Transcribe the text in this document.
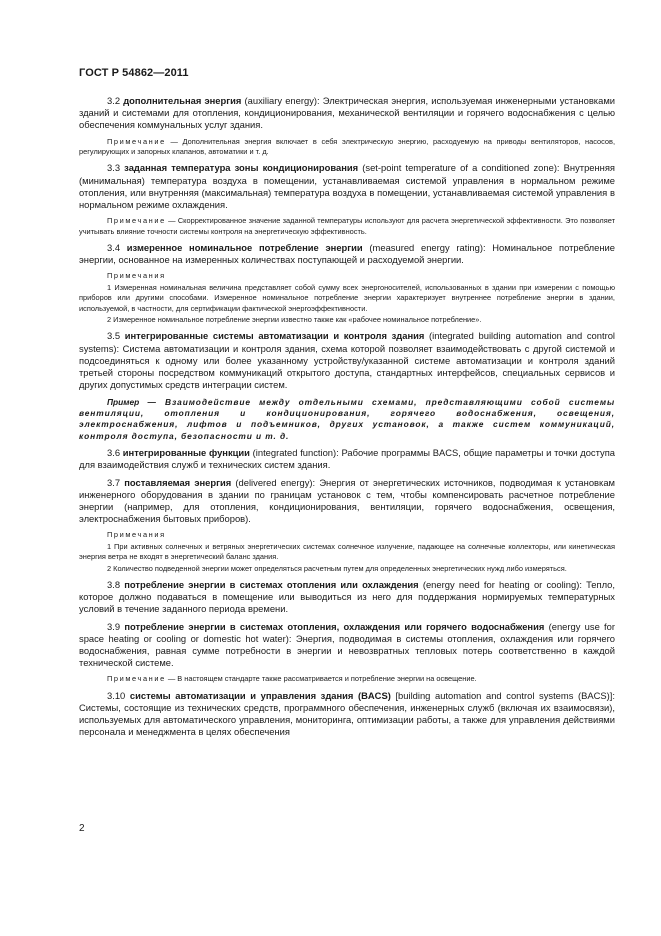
ГОСТ Р 54862—2011

3.2 дополнительная энергия (auxiliary energy): Электрическая энергия, используемая инженерными установками зданий и системами для отопления, кондиционирования, механической вентиляции и горячего водоснабжения с целью обеспечения коммунальных услуг здания.

Примечание — Дополнительная энергия включает в себя электрическую энергию, расходуемую на приводы вентиляторов, насосов, регулирующих и запорных клапанов, автоматики и т. д.

3.3 заданная температура зоны кондиционирования (set-point temperature of a conditioned zone): Внутренняя (минимальная) температура воздуха в помещении, устанавливаемая системой управления в нормальном режиме отопления, или внутренняя (максимальная) температура воздуха в помещении, устанавливаемая системой управления в нормальном режиме охлаждения.

Примечание — Скорректированное значение заданной температуры используют для расчета энергетической эффективности. Это позволяет учитывать влияние точности системы контроля на энергетическую эффективность.

3.4 измеренное номинальное потребление энергии (measured energy rating): Номинальное потребление энергии, основанное на измеренных количествах поступающей и расходуемой энергии.

Примечания

1 Измеренная номинальная величина представляет собой сумму всех энергоносителей, использованных в здании при измерении с помощью приборов или другими способами. Измеренное номинальное потребление энергии характеризует внутреннее потребление энергии в здании, используемой, в частности, для сертификации фактической энергоэффективности.

2 Измеренное номинальное потребление энергии известно также как «рабочее номинальное потребление».

3.5 интегрированные системы автоматизации и контроля здания (integrated building automation and control systems): Система автоматизации и контроля здания, схема которой позволяет взаимодействовать с другой системой и подсоединяться к одному или более указанному устройству/указанной системе автоматизации и контроля зданий третьей стороны посредством коммуникаций открытого доступа, стандартных интерфейсов, специальных сервисов и других допустимых средств интеграции систем.

Пример — Взаимодействие между отдельными схемами, представляющими собой системы вентиляции, отопления и кондиционирования, горячего водоснабжения, освещения, электроснабжения, лифтов и подъемников, других установок, а также систем коммуникаций, контроля доступа, безопасности и т. д.

3.6 интегрированные функции (integrated function): Рабочие программы BACS, общие параметры и точки доступа для взаимодействия служб и технических систем здания.

3.7 поставляемая энергия (delivered energy): Энергия от энергетических источников, подводимая к установкам инженерного оборудования в здании по границам установок с тем, чтобы компенсировать расчетное потребление энергии (например, для отопления, кондиционирования, вентиляции, горячего водоснабжения, освещения, электроснабжения бытовых приборов).

Примечания

1 При активных солнечных и ветряных энергетических системах солнечное излучение, падающее на солнечные коллекторы, или кинетическая энергия ветра не входят в энергетический баланс здания.

2 Количество подведенной энергии может определяться расчетным путем для определенных энергетических нужд либо измеряться.

3.8 потребление энергии в системах отопления или охлаждения (energy need for heating or cooling): Тепло, которое должно подаваться в помещение или выводиться из него для поддержания нормируемых температурных условий в течение заданного периода времени.

3.9 потребление энергии в системах отопления, охлаждения или горячего водоснабжения (energy use for space heating or cooling or domestic hot water): Энергия, подводимая в системы отопления, охлаждения или горячего водоснабжения, равная сумме потребности в энергии и невозвратных тепловых потерь соответственно в каждой технической системе.

Примечание — В настоящем стандарте также рассматривается и потребление энергии на освещение.

3.10 системы автоматизации и управления здания (BACS) [building automation and control systems (BACS)]: Системы, состоящие из технических средств, программного обеспечения, инженерных служб (включая их взаимосвязи), используемых для автоматического управления, мониторинга, оптимизации работы, а также для управления действиями персонала и менеджмента в целях обеспечения

2
